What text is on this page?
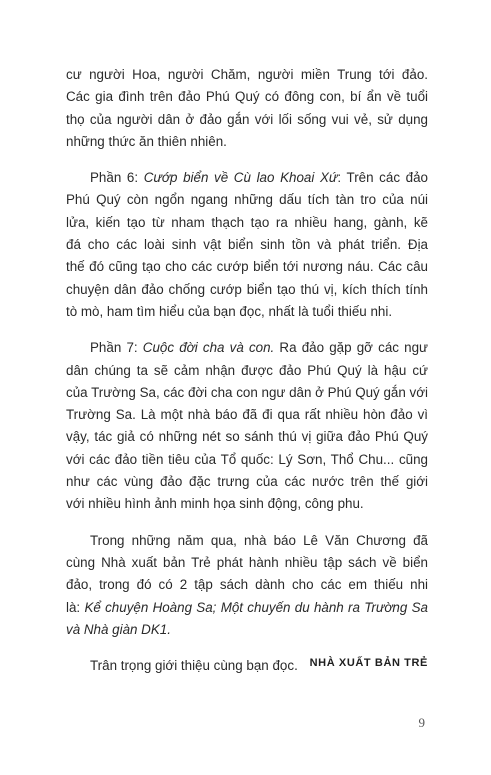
cư người Hoa, người Chăm, người miền Trung tới đảo.
Các gia đình trên đảo Phú Quý có đông con, bí ẩn về tuổi
thọ của người dân ở đảo gắn với lối sống vui vẻ, sử dụng
những thức ăn thiên nhiên.

Phần 6: Cướp biển về Cù lao Khoai Xứ: Trên các đảo
Phú Quý còn ngổn ngang những dấu tích tàn tro của núi
lửa, kiến tạo từ nham thạch tạo ra nhiều hang, gành, kẽ
đá cho các loài sinh vật biển sinh tồn và phát triển. Địa
thế đó cũng tạo cho các cướp biển tới nương náu. Các câu
chuyện dân đảo chống cướp biển tạo thú vị, kích thích tính
tò mò, ham tìm hiểu của bạn đọc, nhất là tuổi thiếu nhi.

Phần 7: Cuộc đời cha và con. Ra đảo gặp gỡ các ngư
dân chúng ta sẽ cảm nhận được đảo Phú Quý là hậu cứ
của Trường Sa, các đời cha con ngư dân ở Phú Quý gắn với
Trường Sa. Là một nhà báo đã đi qua rất nhiều hòn đảo vì
vậy, tác giả có những nét so sánh thú vị giữa đảo Phú Quý
với các đảo tiền tiêu của Tổ quốc: Lý Sơn, Thổ Chu... cũng
như các vùng đảo đặc trưng của các nước trên thế giới
với nhiều hình ảnh minh họa sinh động, công phu.

Trong những năm qua, nhà báo Lê Văn Chương đã
cùng Nhà xuất bản Trẻ phát hành nhiều tập sách về biển
đảo, trong đó có 2 tập sách dành cho các em thiếu nhi
là: Kể chuyện Hoàng Sa; Một chuyến du hành ra Trường Sa
và Nhà giàn DK1.

Trân trọng giới thiệu cùng bạn đọc.	NHÀ XUẤT BẢN TRẺ
9
